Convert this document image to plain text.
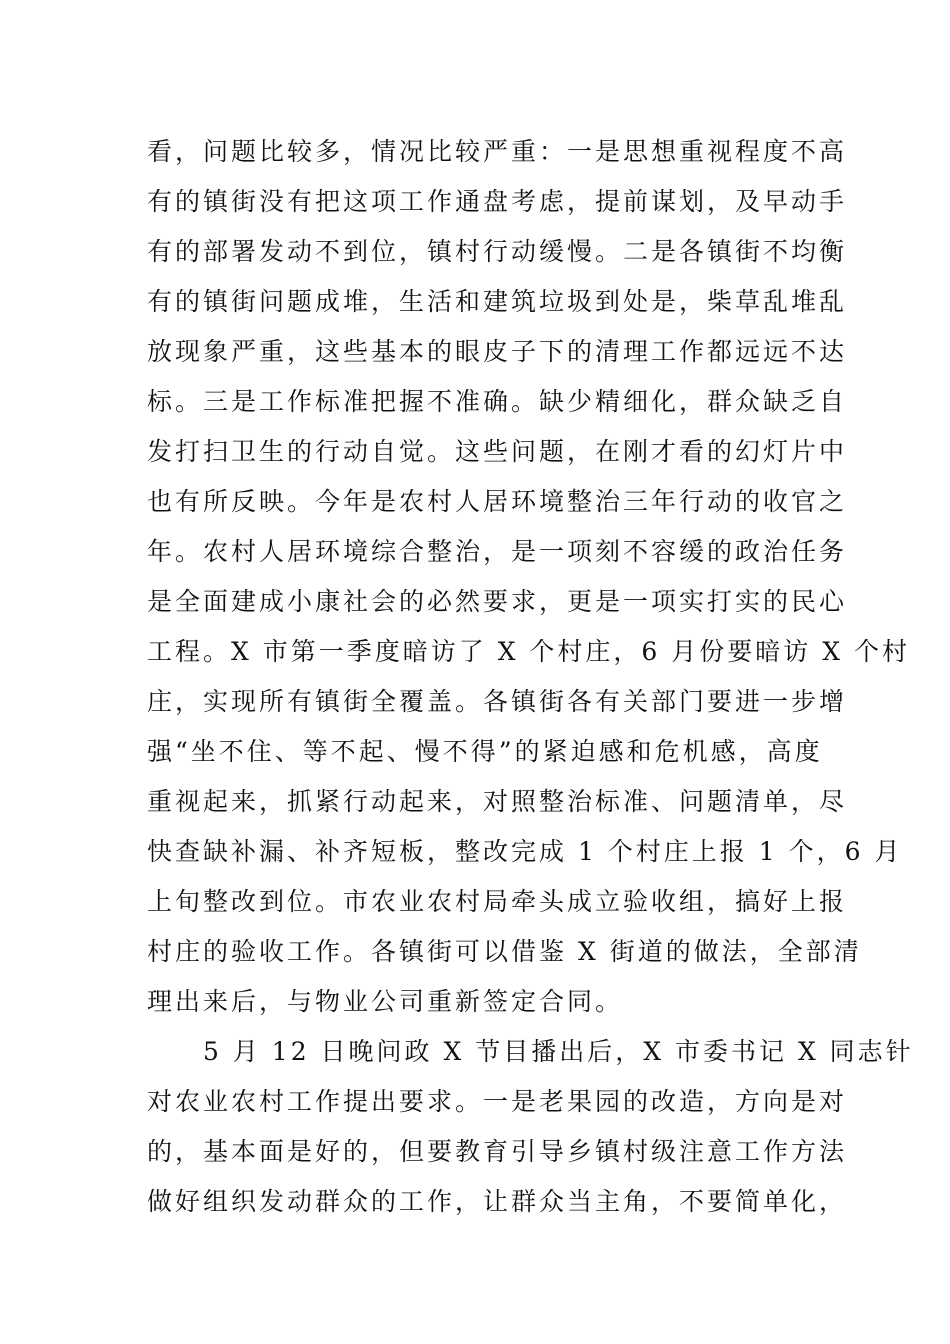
看，问题比较多，情况比较严重：一是思想重视程度不高
有的镇街没有把这项工作通盘考虑，提前谋划，及早动手
有的部署发动不到位，镇村行动缓慢。二是各镇街不均衡
有的镇街问题成堆，生活和建筑垃圾到处是，柴草乱堆乱
放现象严重，这些基本的眼皮子下的清理工作都远远不达
标。三是工作标准把握不准确。缺少精细化，群众缺乏自
发打扫卫生的行动自觉。这些问题，在刚才看的幻灯片中
也有所反映。今年是农村人居环境整治三年行动的收官之
年。农村人居环境综合整治，是一项刻不容缓的政治任务
是全面建成小康社会的必然要求，更是一项实打实的民心
工程。X 市第一季度暗访了 X 个村庄，6 月份要暗访 X 个村
庄，实现所有镇街全覆盖。各镇街各有关部门要进一步增
强“坐不住、等不起、慢不得”的紧迫感和危机感，高度
重视起来，抓紧行动起来，对照整治标准、问题清单，尽
快查缺补漏、补齐短板，整改完成 1 个村庄上报 1 个，6 月
上旬整改到位。市农业农村局牵头成立验收组，搞好上报
村庄的验收工作。各镇街可以借鉴 X 街道的做法，全部清
理出来后，与物业公司重新签定合同。
　　5 月 12 日晚问政 X 节目播出后，X 市委书记 X 同志针
对农业农村工作提出要求。一是老果园的改造，方向是对
的，基本面是好的，但要教育引导乡镇村级注意工作方法
做好组织发动群众的工作，让群众当主角，不要简单化，
